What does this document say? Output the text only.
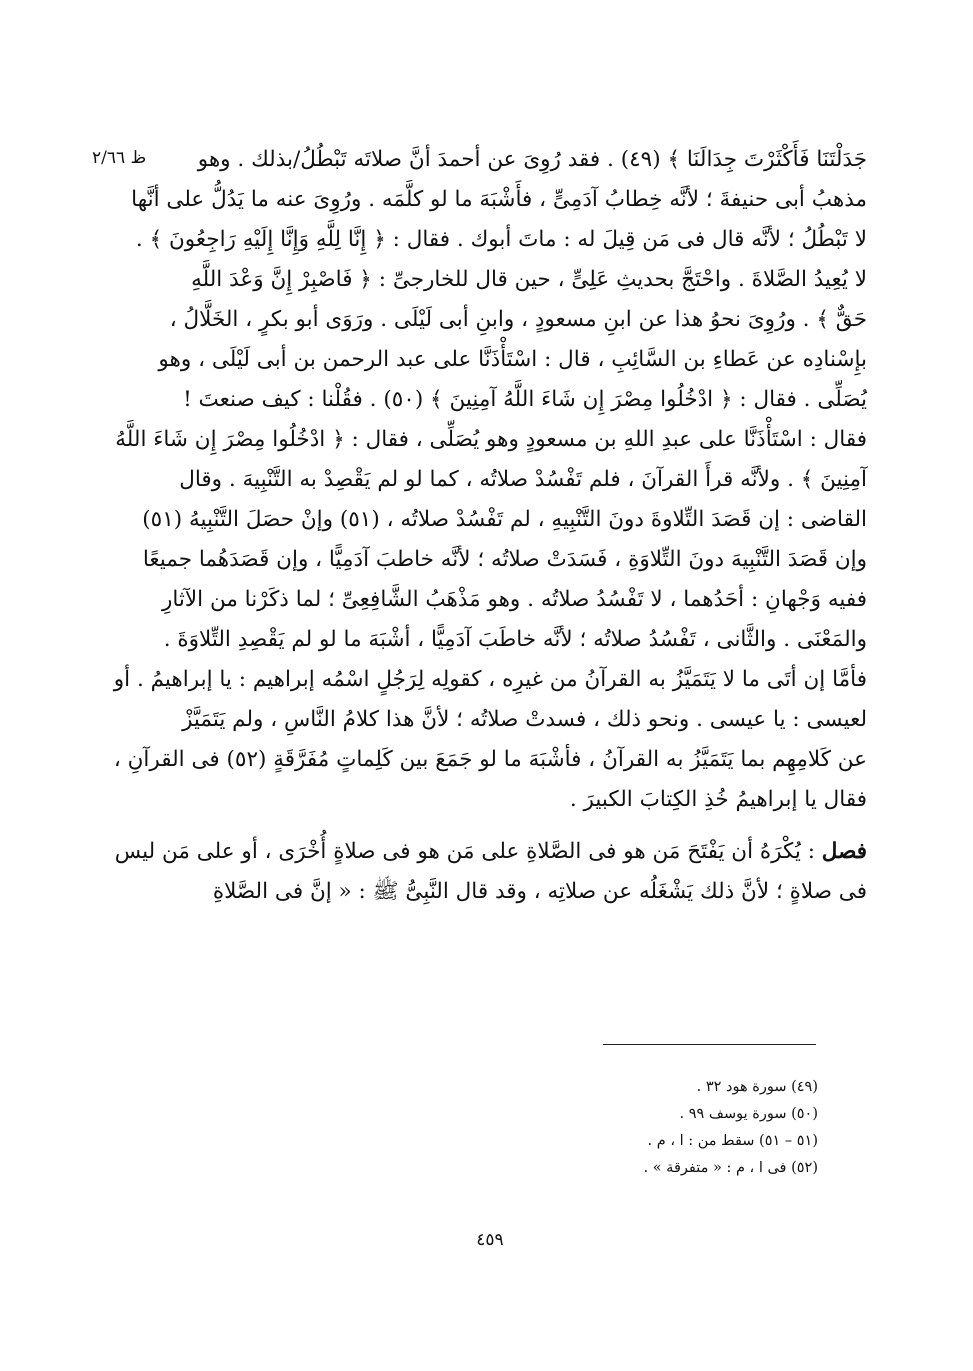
ظ ٢/٦٦	جَدَلْتَنَا فَأَكْثَرْتَ جِدَالَنَا ﴾ (٤٩) . فقد رُوِىَ عن أحمدَ أنَّ صلاتَه تَبْطُلُ/بذلك . وهو
مذهبُ أبى حنيفةَ ؛ لأنَّه خِطابُ آدَمِىٍّ ، فأَشْبَهَ ما لو كلَّمَه . ورُوِىَ عنه ما يَدُلُّ على أنَّها
لا تَبْطُلُ ؛ لأنَّه قال فى مَن قِيلَ له : ماتَ أبوك . فقال : ﴿ إِنَّا لِلَّهِ وَإِنَّا إِلَيْهِ رَاجِعُونَ ﴾ .
لا يُعِيدُ الصَّلاةَ . واحْتَجَّ بحديثِ عَلِىٍّ ، حين قال للخارجىِّ : ﴿ فَاصْبِرْ إِنَّ وَعْدَ اللَّهِ
حَقٌّ ﴾ . ورُوِىَ نحوُ هذا عن ابنِ مسعودٍ ، وابنِ أبى لَيْلَى . ورَوَى أبو بكرٍ ، الخَلَّالُ ،
بإِسْنادِه عن عَطاءِ بن السَّائِبِ ، قال : اسْتَأْذَنَّا على عبد الرحمن بن أبى لَيْلَى ، وهو
يُصَلِّى . فقال : ﴿ ادْخُلُوا مِصْرَ إِن شَاءَ اللَّهُ آمِنِينَ ﴾ (٥٠) . فقُلْنا : كيف صنعتَ !
فقال : اسْتَأْذَنَّا على عبدِ اللهِ بن مسعودٍ وهو يُصَلِّى ، فقال : ﴿ ادْخُلُوا مِصْرَ إِن شَاءَ اللَّهُ
آمِنِينَ ﴾ . ولأنَّه قرأَ القرآنَ ، فلم تَفْسُدْ صلاتُه ، كما لو لم يَقْصِدْ به التَّنْبِيهَ . وقال
القاضى : إن قَصَدَ التِّلاوةَ دونَ التَّنْبِيهِ ، لم تَفْسُدْ صلاتُه ، (٥١) وإنْ حصَلَ التَّنْبِيهُ (٥١)
وإن قَصَدَ التَّنْبِيهَ دونَ التِّلاوَةِ ، فَسَدَتْ صلاتُه ؛ لأنَّه خاطبَ آدَمِيًّا ، وإن قَصَدَهُما جميعًا
ففيه وَجْهانِ : أحَدُهما ، لا تَفْسُدُ صلاتُه . وهو مَذْهَبُ الشَّافِعِىِّ ؛ لما ذكَرْنا من الآثارِ
والمَعْنَى . والثَّانى ، تَفْسُدُ صلاتُه ؛ لأنَّه خاطَبَ آدَمِيًّا ، أشْبَهَ ما لو لم يَقْصِدِ التِّلاوَةَ .
فأمَّا إن أتَى ما لا يَتَمَيَّزُ به القرآنُ من غيرِه ، كقولِه لِرَجُلٍ اسْمُه إبراهيم : يا إبراهيمُ . أو
لعيسى : يا عيسى . ونحو ذلك ، فسدتْ صلاتُه ؛ لأنَّ هذا كلامُ النَّاسِ ، ولم يَتَمَيَّزْ
عن كَلامِهِم بما يَتَمَيَّزُ به القرآنُ ، فأشْبَهَ ما لو جَمَعَ بين كَلِماتٍ مُفَرَّقَةٍ (٥٢) فى القرآنِ ،
فقال يا إبراهيمُ خُذِ الكِتابَ الكبيرَ .
فصل : يُكْرَهُ أن يَفْتَحَ مَن هو فى الصَّلاةِ على مَن هو فى صلاةٍ أُخْرَى ، أو على مَن ليس
فى صلاةٍ ؛ لأنَّ ذلك يَشْغَلُه عن صلاتِه ، وقد قال النَّبِىُّ ﷺ : « إنَّ فى الصَّلاةِ
(٤٩) سورة هود ٣٢ .
(٥٠) سورة يوسف ٩٩ .
(٥١ – ٥١) سقط من : ا ، م .
(٥٢) فى ا ، م : « متفرقة » .
٤٥٩
